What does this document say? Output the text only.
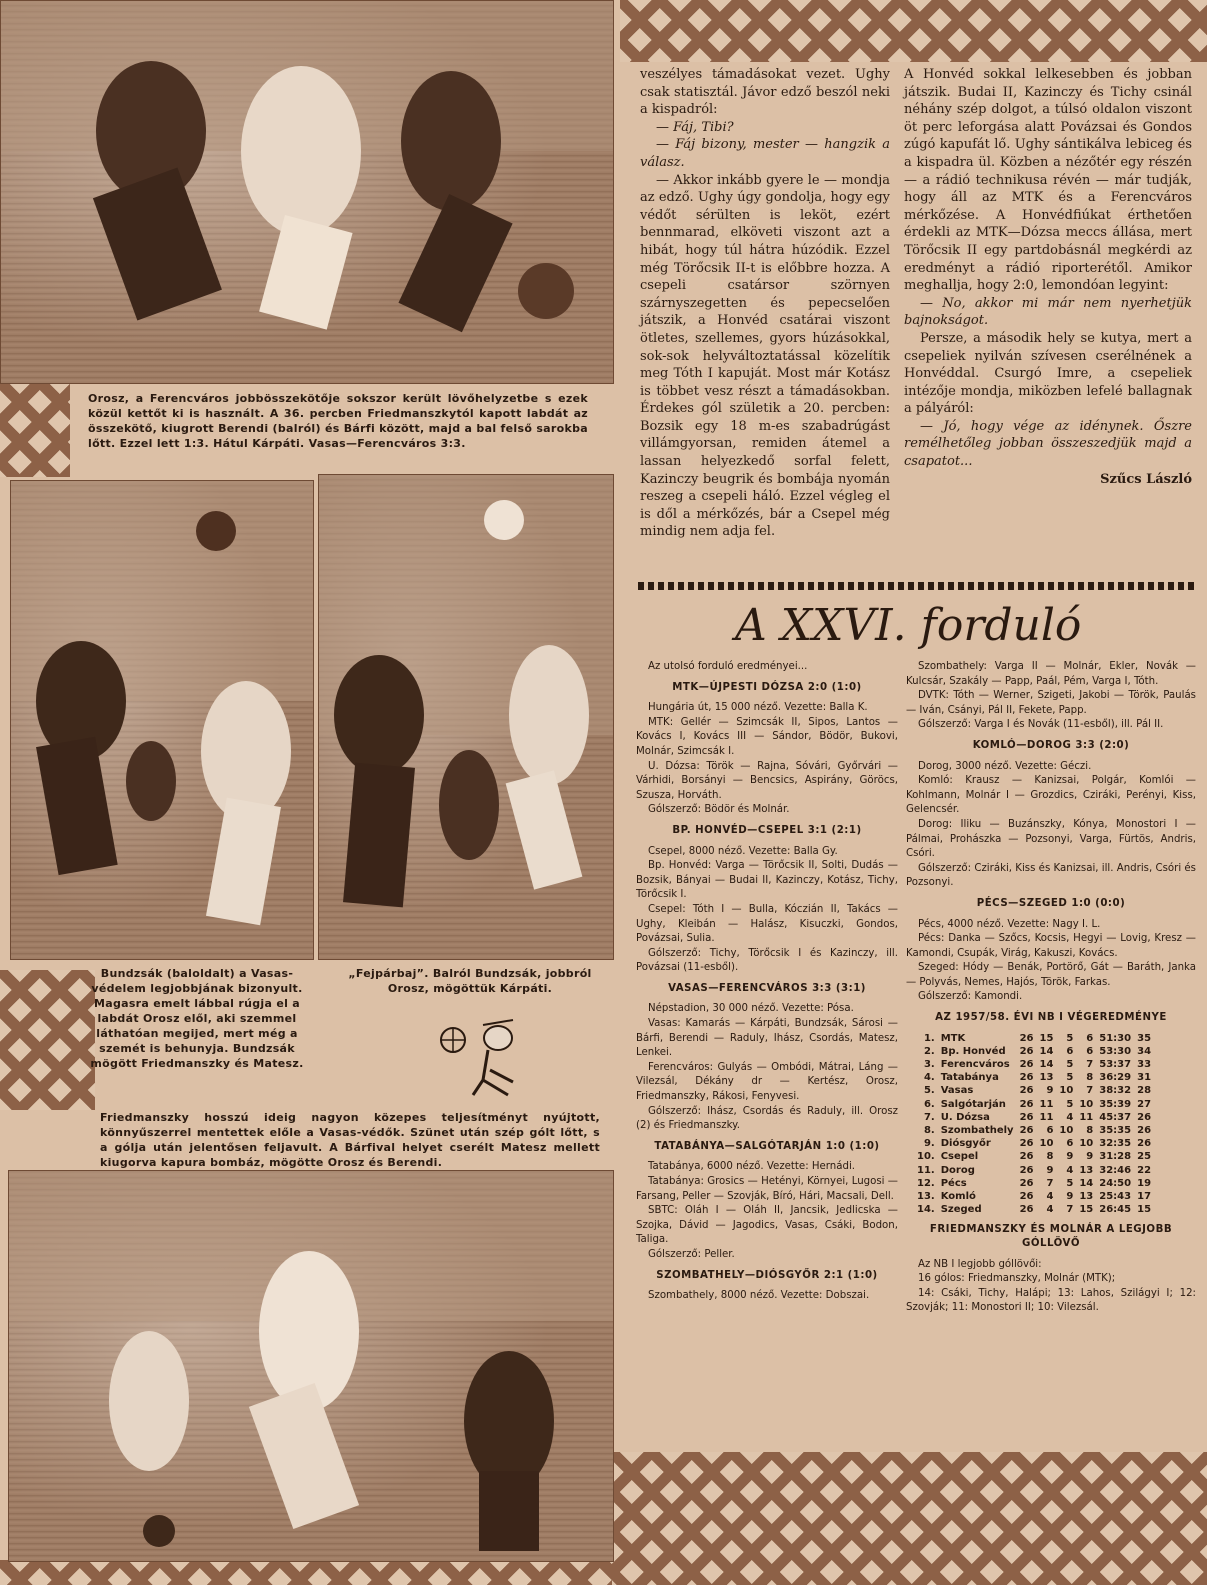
Orosz, a Ferencváros jobbösszekötője sokszor került lövőhelyzetbe s ezek közül kettőt ki is használt. A 36. percben Friedmanszkytól kapott labdát az összekötő, kiugrott Berendi (balról) és Bárfi között, majd a bal felső sarokba lőtt. Ezzel lett 1:3. Hátul Kárpáti. Vasas—Ferencváros 3:3.
Bundzsák (baloldalt) a Vasas-védelem legjobbjának bizonyult. Magasra emelt lábbal rúgja el a labdát Orosz elől, aki szemmel láthatóan megijed, mert még a szemét is behunyja. Bundzsák mögött Friedmanszky és Matesz.
„Fejpárbaj”. Balról Bundzsák, jobbról Orosz, mögöttük Kárpáti.
Friedmanszky hosszú ideig nagyon közepes teljesítményt nyújtott, könnyűszerrel mentettek előle a Vasas-védők. Szünet után szép gólt lőtt, s a gólja után jelentősen feljavult. A Bárfival helyet cserélt Matesz mellett kiugorva kapura bombáz, mögötte Orosz és Berendi.

veszélyes támadásokat vezet. Ughy csak statisztál. Jávor edző beszól neki a kispadról:

— Fáj, Tibi?

— Fáj bizony, mester — hangzik a válasz.

— Akkor inkább gyere le — mondja az edző. Ughy úgy gondolja, hogy egy védőt sérülten is leköt, ezért bennmarad, elköveti viszont azt a hibát, hogy túl hátra húzódik. Ezzel még Törőcsik II-t is előbbre hozza. A csepeli csatársor szörnyen szárnyszegetten és pepecselően játszik, a Honvéd csatárai viszont ötletes, szellemes, gyors húzásokkal, sok-sok helyváltoztatással közelítik meg Tóth I kapuját. Most már Kotász is többet vesz részt a támadásokban. Érdekes gól születik a 20. percben: Bozsik egy 18 m-es szabadrúgást villámgyorsan, remiden átemel a lassan helyezkedő sorfal felett, Kazinczy beugrik és bombája nyomán reszeg a csepeli háló. Ezzel végleg el is dől a mérkőzés, bár a Csepel még mindig nem adja fel.

A Honvéd sokkal lelkesebben és jobban játszik. Budai II, Kazinczy és Tichy csinál néhány szép dolgot, a túlsó oldalon viszont öt perc leforgása alatt Povázsai és Gondos zúgó kapufát lő. Ughy sántikálva lebiceg és a kispadra ül. Közben a nézőtér egy részén — a rádió technikusa révén — már tudják, hogy áll az MTK és a Ferencváros mérkőzése. A Honvédfiúkat érthetően érdekli az MTK—Dózsa meccs állása, mert Törőcsik II egy partdobásnál megkérdi az eredményt a rádió riporterétől. Amikor meghallja, hogy 2:0, lemondóan legyint:

— No, akkor mi már nem nyerhetjük bajnokságot.

Persze, a második hely se kutya, mert a csepeliek nyilván szívesen cserélnének a Honvéddal. Csurgó Imre, a csepeliek intézője mondja, miközben lefelé ballagnak a pályáról:

— Jó, hogy vége az idénynek. Őszre remélhetőleg jobban összeszedjük majd a csapatot...

Szűcs László
A XXVI. forduló

Az utolsó forduló eredményei...

MTK—ÚJPESTI DÓZSA 2:0 (1:0)

Hungária út, 15 000 néző. Vezette: Balla K.

MTK: Gellér — Szimcsák II, Sipos, Lantos — Kovács I, Kovács III — Sándor, Bödör, Bukovi, Molnár, Szimcsák I.

U. Dózsa: Török — Rajna, Sóvári, Győrvári — Várhidi, Borsányi — Bencsics, Aspirány, Göröcs, Szusza, Horváth.

Gólszerző: Bödör és Molnár.

BP. HONVÉD—CSEPEL 3:1 (2:1)

Csepel, 8000 néző. Vezette: Balla Gy.

Bp. Honvéd: Varga — Törőcsik II, Solti, Dudás — Bozsik, Bányai — Budai II, Kazinczy, Kotász, Tichy, Törőcsik I.

Csepel: Tóth I — Bulla, Kóczián II, Takács — Ughy, Kleibán — Halász, Kisuczki, Gondos, Povázsai, Sulia.

Gólszerző: Tichy, Törőcsik I és Kazinczy, ill. Povázsai (11-esből).

VASAS—FERENCVÁROS 3:3 (3:1)

Népstadion, 30 000 néző. Vezette: Pósa.

Vasas: Kamarás — Kárpáti, Bundzsák, Sárosi — Bárfi, Berendi — Raduly, Ihász, Csordás, Matesz, Lenkei.

Ferencváros: Gulyás — Ombódi, Mátrai, Láng — Vilezsál, Dékány dr — Kertész, Orosz, Friedmanszky, Rákosi, Fenyvesi.

Gólszerző: Ihász, Csordás és Raduly, ill. Orosz (2) és Friedmanszky.

TATABÁNYA—SALGÓTARJÁN 1:0 (1:0)

Tatabánya, 6000 néző. Vezette: Hernádi.

Tatabánya: Grosics — Hetényi, Környei, Lugosi — Farsang, Peller — Szovják, Bíró, Hári, Macsali, Dell.

SBTC: Oláh I — Oláh II, Jancsik, Jedlicska — Szojka, Dávid — Jagodics, Vasas, Csáki, Bodon, Taliga.

Gólszerző: Peller.

SZOMBATHELY—DIÓSGYŐR 2:1 (1:0)

Szombathely, 8000 néző. Vezette: Dobszai.

Szombathely: Varga II — Molnár, Ekler, Novák — Kulcsár, Szakály — Papp, Paál, Pém, Varga I, Tóth.

DVTK: Tóth — Werner, Szigeti, Jakobi — Török, Paulás — Iván, Csányi, Pál II, Fekete, Papp.

Gólszerző: Varga I és Novák (11-esből), ill. Pál II.

KOMLÓ—DOROG 3:3 (2:0)

Dorog, 3000 néző. Vezette: Géczi.

Komló: Krausz — Kanizsai, Polgár, Komlói — Kohlmann, Molnár I — Grozdics, Cziráki, Perényi, Kiss, Gelencsér.

Dorog: Iliku — Buzánszky, Kónya, Monostori I — Pálmai, Prohászka — Pozsonyi, Varga, Fürtös, Andris, Csóri.

Gólszerző: Cziráki, Kiss és Kanizsai, ill. Andris, Csóri és Pozsonyi.

PÉCS—SZEGED 1:0 (0:0)

Pécs, 4000 néző. Vezette: Nagy I. L.

Pécs: Danka — Szőcs, Kocsis, Hegyi — Lovig, Kresz — Kamondi, Csupák, Virág, Kakuszi, Kovács.

Szeged: Hódy — Benák, Portörő, Gát — Baráth, Janka — Polyvás, Nemes, Hajós, Török, Farkas.

Gólszerző: Kamondi.

AZ 1957/58. ÉVI NB I VÉGEREDMÉNYE
1.	MTK	26	15	5	6	51:30	35
2.	Bp. Honvéd	26	14	6	6	53:30	34
3.	Ferencváros	26	14	5	7	53:37	33
4.	Tatabánya	26	13	5	8	36:29	31
5.	Vasas	26	9	10	7	38:32	28
6.	Salgótarján	26	11	5	10	35:39	27
7.	U. Dózsa	26	11	4	11	45:37	26
8.	Szombathely	26	6	10	8	35:35	26
9.	Diósgyőr	26	10	6	10	32:35	26
10.	Csepel	26	8	9	9	31:28	25
11.	Dorog	26	9	4	13	32:46	22
12.	Pécs	26	7	5	14	24:50	19
13.	Komló	26	4	9	13	25:43	17
14.	Szeged	26	4	7	15	26:45	15
FRIEDMANSZKY ÉS MOLNÁR A LEGJOBB GÓLLÖVŐ

Az NB I legjobb góllövői:

16 gólos: Friedmanszky, Molnár (MTK);

14: Csáki, Tichy, Halápi; 13: Lahos, Szilágyi I; 12: Szovják; 11: Monostori II; 10: Vilezsál.
